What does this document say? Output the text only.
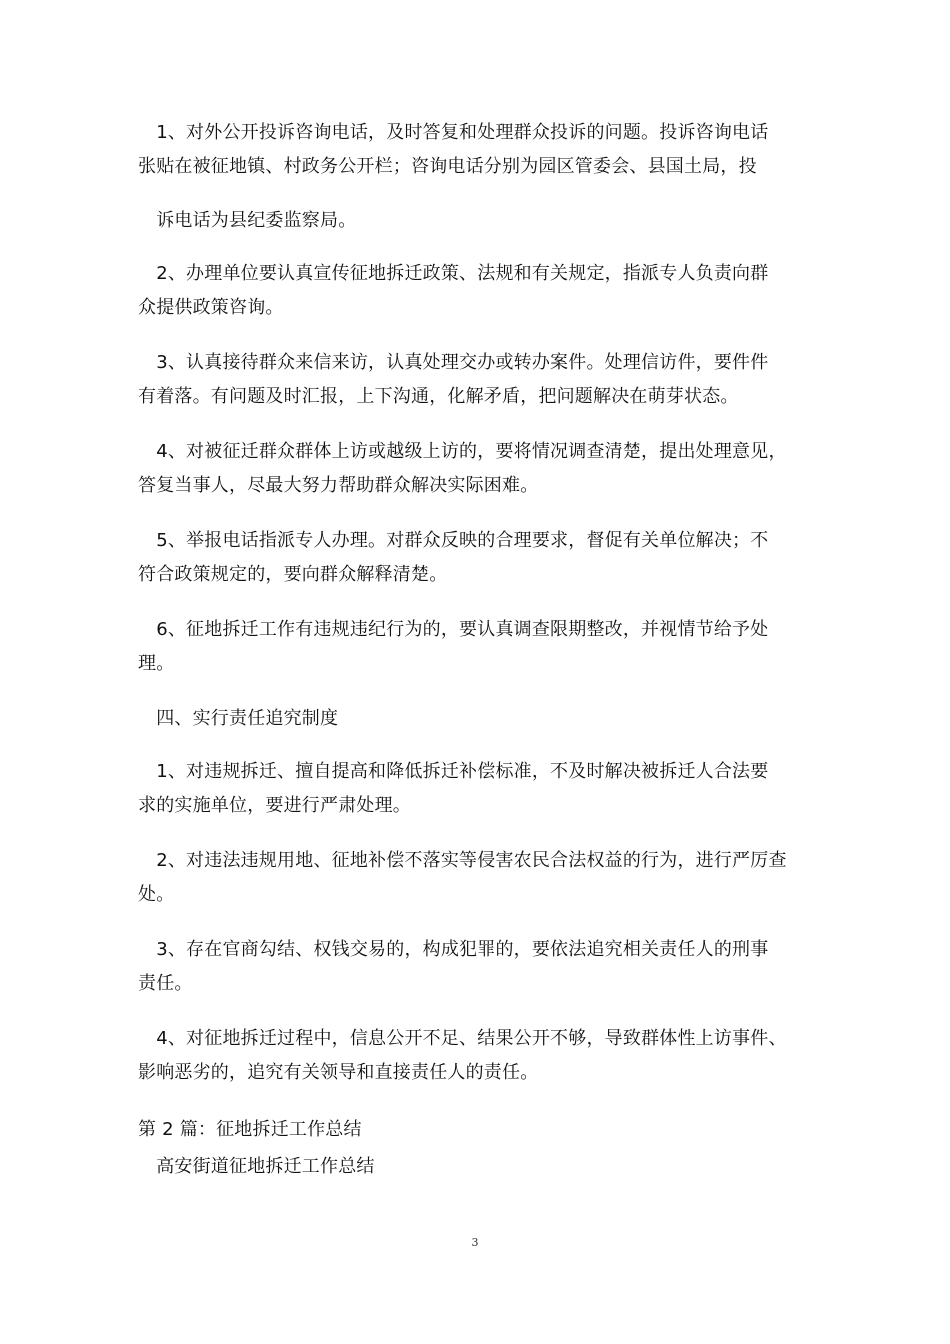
　1、对外公开投诉咨询电话，及时答复和处理群众投诉的问题。投诉咨询电话
张贴在被征地镇、村政务公开栏；咨询电话分别为园区管委会、县国土局，投

　诉电话为县纪委监察局。

　2、办理单位要认真宣传征地拆迁政策、法规和有关规定，指派专人负责向群
众提供政策咨询。

　3、认真接待群众来信来访，认真处理交办或转办案件。处理信访件，要件件
有着落。有问题及时汇报，上下沟通，化解矛盾，把问题解决在萌芽状态。

　4、对被征迁群众群体上访或越级上访的，要将情况调查清楚，提出处理意见，
答复当事人，尽最大努力帮助群众解决实际困难。

　5、举报电话指派专人办理。对群众反映的合理要求，督促有关单位解决；不
符合政策规定的，要向群众解释清楚。

　6、征地拆迁工作有违规违纪行为的，要认真调查限期整改，并视情节给予处
理。

　四、实行责任追究制度

　1、对违规拆迁、擅自提高和降低拆迁补偿标准，不及时解决被拆迁人合法要
求的实施单位，要进行严肃处理。

　2、对违法违规用地、征地补偿不落实等侵害农民合法权益的行为，进行严厉查
处。

　3、存在官商勾结、权钱交易的，构成犯罪的，要依法追究相关责任人的刑事
责任。

　4、对征地拆迁过程中，信息公开不足、结果公开不够，导致群体性上访事件、
影响恶劣的，追究有关领导和直接责任人的责任。

第 2 篇：征地拆迁工作总结

　高安街道征地拆迁工作总结

3
